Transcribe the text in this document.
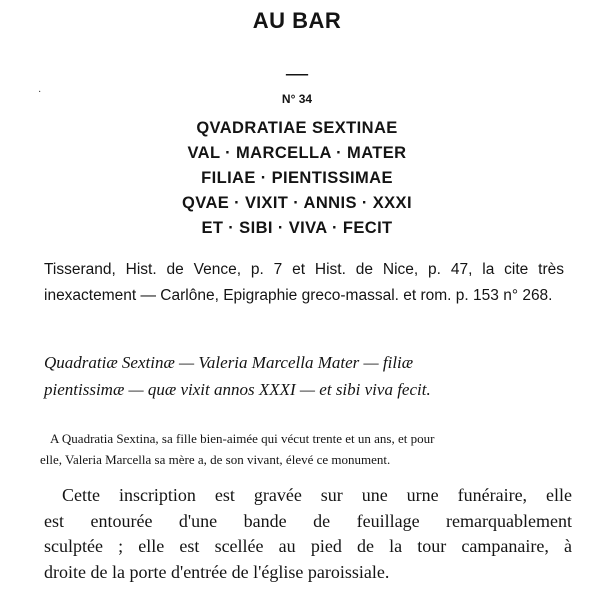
AU BAR
—
·	N° 34
QVADRATIAE SEXTINAE
VAL · MARCELLA · MATER
FILIAE · PIENTISSIMAE
QVAE · VIXIT · ANNIS · XXXI
ET · SIBI · VIVA · FECIT
Tisserand, Hist. de Vence, p. 7 et Hist. de Nice, p. 47, la cite très inexactement — Carlône, Epigraphie greco-massal. et rom. p. 153 n° 268.
Quadratiæ Sextinæ — Valeria Marcella Mater — filiæ
pientissimæ — quæ vixit annos XXXI — et sibi viva fecit.
A Quadratia Sextina, sa fille bien-aimée qui vécut trente et un ans, et pour
elle, Valeria Marcella sa mère a, de son vivant, élevé ce monument.
Cette inscription est gravée sur une urne funéraire, elle
est entourée d'une bande de feuillage remarquablement
sculptée ; elle est scellée au pied de la tour campanaire, à
droite de la porte d'entrée de l'église paroissiale.
